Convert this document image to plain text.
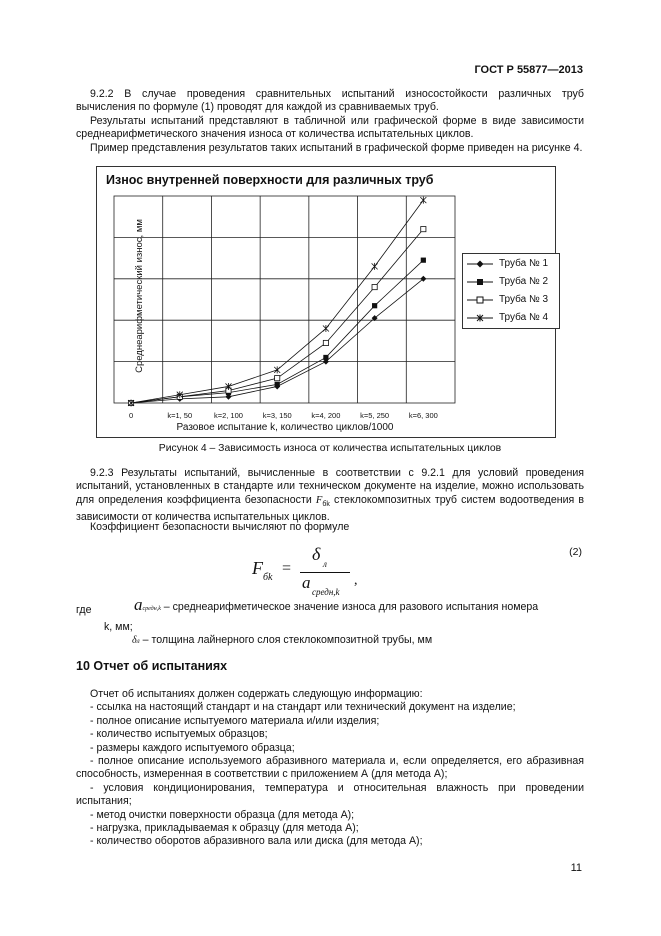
ГОСТ Р 55877—2013
9.2.2 В случае проведения сравнительных испытаний износостойкости различных труб вычисления по формуле (1) проводят для каждой из сравниваемых труб.
Результаты испытаний представляют в табличной или графической форме в виде зависимости среднеарифметического значения износа от количества испытательных циклов.
Пример представления результатов таких испытаний в графической форме приведен на рисунке 4.
Износ внутренней поверхности для различных труб
Среднеарифметический износ, мм
Разовое испытание k, количество циклов/1000
0	k=1, 50	k=2, 100	k=3, 150	k=4, 200	k=5, 250	k=6, 300
Труба № 1
Труба № 2
Труба № 3
Труба № 4
Рисунок 4 – Зависимость износа от количества испытательных циклов
9.2.3 Результаты испытаний, вычисленные в соответствии с 9.2.1 для условий проведения испытаний, установленных в стандарте или техническом документе на изделие, можно использовать для определения коэффициента безопасности $F_{бk}$ стеклокомпозитных труб систем водоотведения в зависимости от количества испытательных циклов.
Коэффициент безопасности вычисляют по формуле
F бk
=
δ л
a средн,k
,
(2)
где	aсредн,k – среднеарифметическое значение износа для разового испытания номера
k, мм;
δл – толщина лайнерного слоя стеклокомпозитной трубы, мм
10 Отчет об испытаниях
Отчет об испытаниях должен содержать следующую информацию:
- ссылка на настоящий стандарт и на стандарт или технический документ на изделие;
- полное описание испытуемого материала и/или изделия;
- количество испытуемых образцов;
- размеры каждого испытуемого образца;
- полное описание используемого абразивного материала и, если определяется, его абразивная способность, измеренная в соответствии с приложением А (для метода А);
- условия кондиционирования, температура и относительная влажность при проведении испытания;
- метод очистки поверхности образца (для метода А);
- нагрузка, прикладываемая к образцу (для метода А);
- количество оборотов абразивного вала или диска (для метода А);
11
